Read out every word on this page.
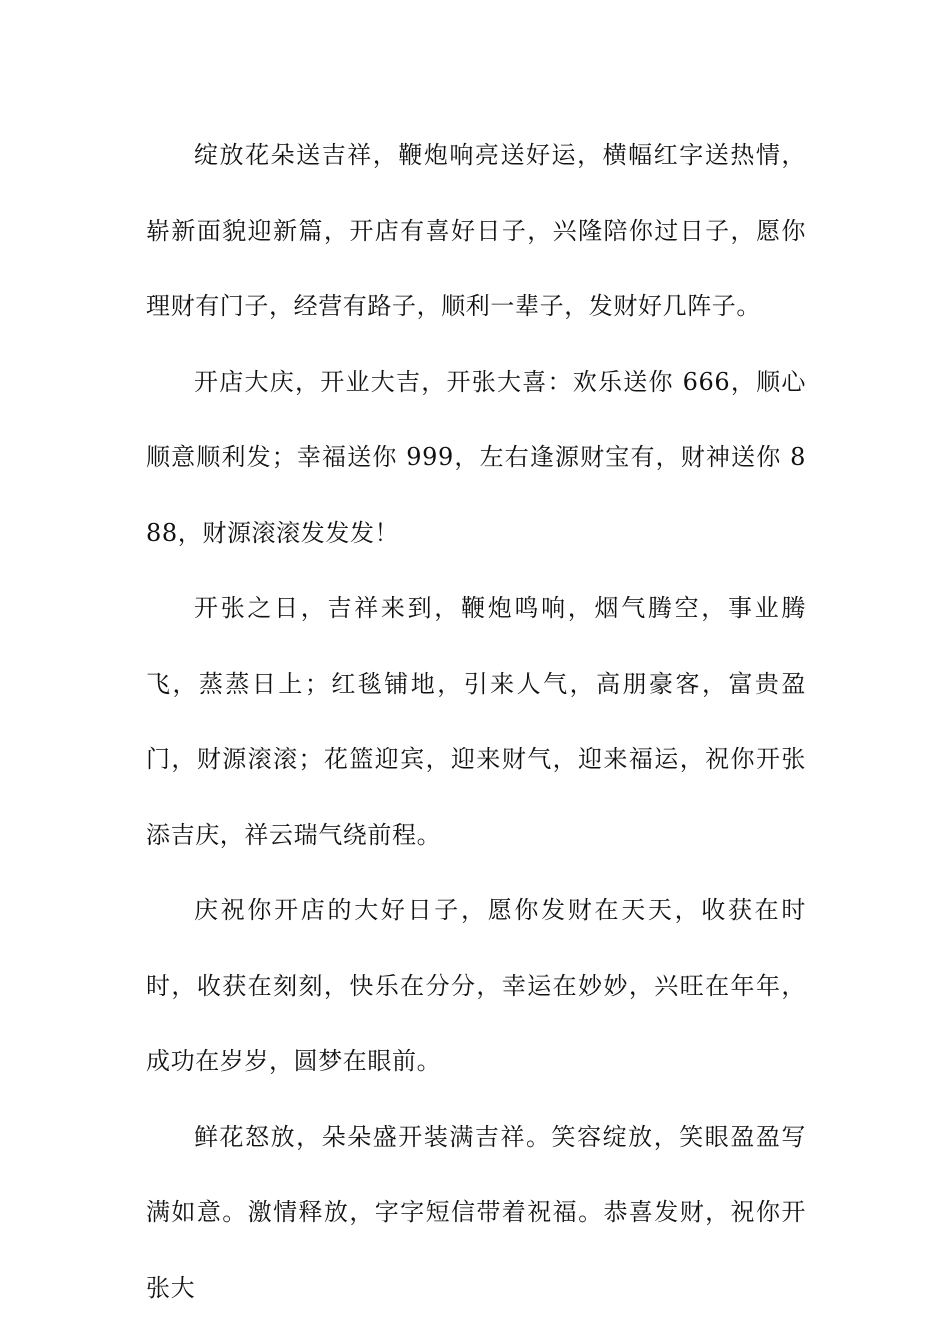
绽放花朵送吉祥，鞭炮响亮送好运，横幅红字送热情，崭新面貌迎新篇，开店有喜好日子，兴隆陪你过日子，愿你理财有门子，经营有路子，顺利一辈子，发财好几阵子。

开店大庆，开业大吉，开张大喜：欢乐送你 666，顺心顺意顺利发；幸福送你 999，左右逢源财宝有，财神送你 888，财源滚滚发发发！

开张之日，吉祥来到，鞭炮鸣响，烟气腾空，事业腾飞，蒸蒸日上；红毯铺地，引来人气，高朋豪客，富贵盈门，财源滚滚；花篮迎宾，迎来财气，迎来福运，祝你开张添吉庆，祥云瑞气绕前程。

庆祝你开店的大好日子，愿你发财在天天，收获在时时，收获在刻刻，快乐在分分，幸运在妙妙，兴旺在年年，成功在岁岁，圆梦在眼前。

鲜花怒放，朵朵盛开装满吉祥。笑容绽放，笑眼盈盈写满如意。激情释放，字字短信带着祝福。恭喜发财，祝你开张大
